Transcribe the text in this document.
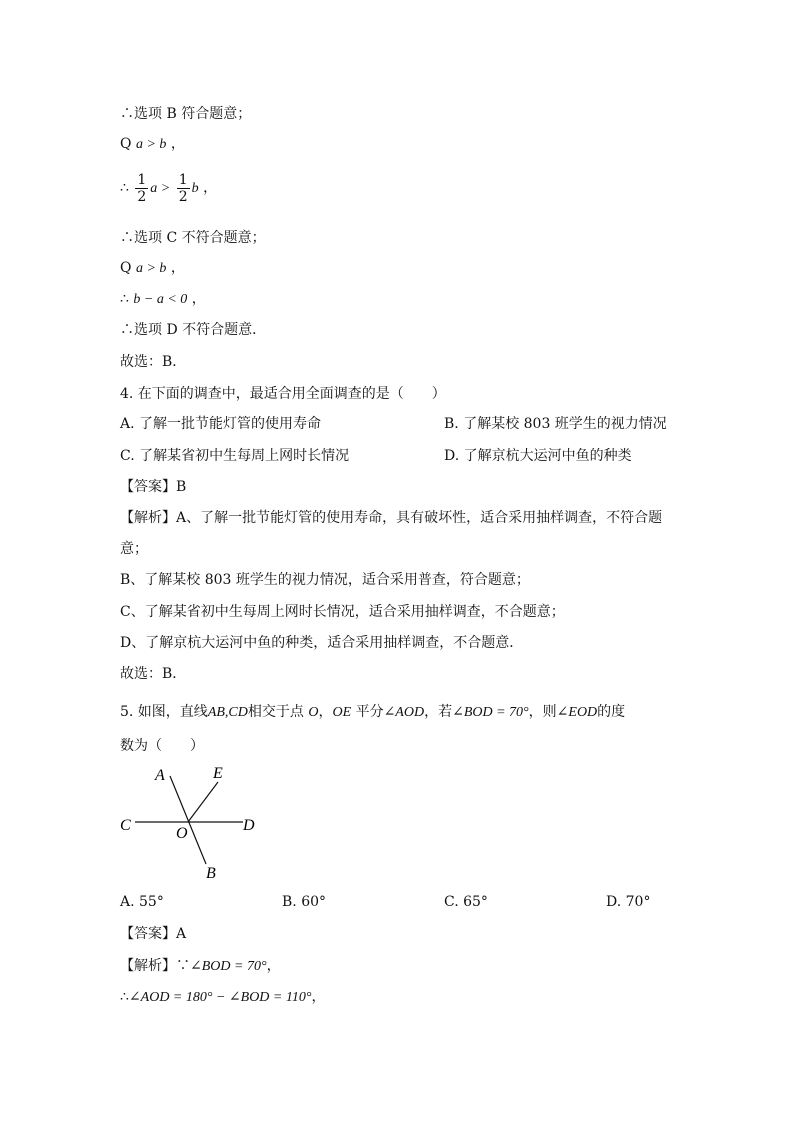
∴选项 B 符合题意；
Q a > b ，
∴ $\frac{1}{2}$ $a > \frac{1}{2}$ b ，
∴选项 C 不符合题意；
Q a > b ，
∴ b − a < 0 ，
∴选项 D 不符合题意．
故选：B．
4. 在下面的调查中，最适合用全面调查的是（　　）
A. 了解一批节能灯管的使用寿命	B. 了解某校 803 班学生的视力情况
C. 了解某省初中生每周上网时长情况	D. 了解京杭大运河中鱼的种类
【答案】B
【解析】A、了解一批节能灯管的使用寿命，具有破坏性，适合采用抽样调查，不符合题
意；
B、了解某校 803 班学生的视力情况，适合采用普查，符合题意；
C、了解某省初中生每周上网时长情况，适合采用抽样调查，不合题意；
D、了解京杭大运河中鱼的种类，适合采用抽样调查，不合题意．
故选：B．
5. 如图，直线AB,CD相交于点 O，OE 平分∠AOD，若∠BOD = 70°，则∠EOD的度
数为（　　）
A	E
C	O	D
B
A. 55°	B. 60°	C. 65°	D. 70°
【答案】A
【解析】∵∠BOD = 70°，
∴∠AOD = 180° − ∠BOD = 110°，
